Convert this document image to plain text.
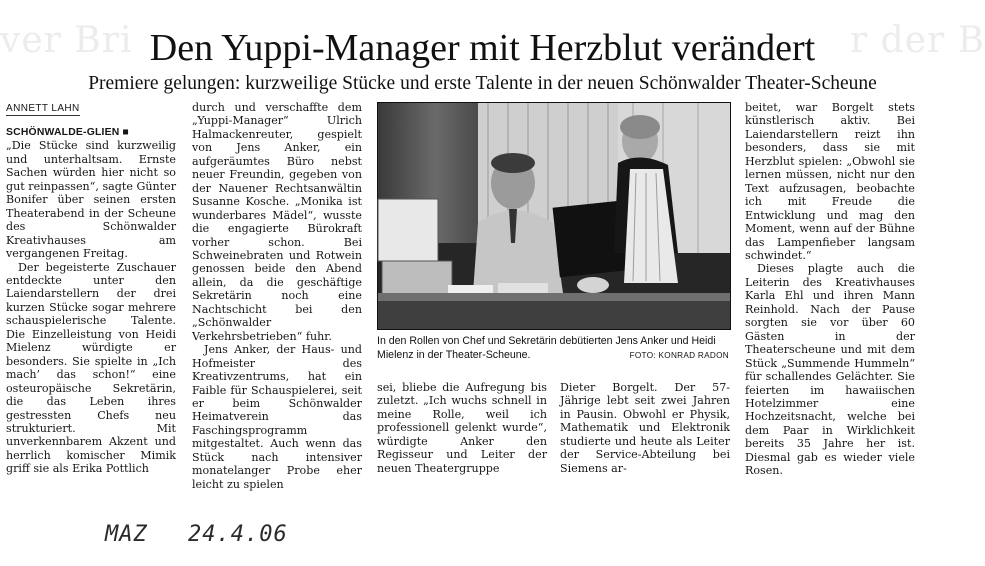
ver Bri	r der B
Den Yuppi-Manager mit Herzblut verändert
Premiere gelungen: kurzweilige Stücke und erste Talente in der neuen Schönwalder Theater-Scheune
ANNETT LAHN

SCHÖNWALDE-GLIEN ■
„Die Stücke sind kurzweilig und unterhaltsam. Ernste Sachen würden hier nicht so gut reinpassen“, sagte Günter Bonifer über seinen ersten Theaterabend in der Scheune des Schönwalder Kreativhauses am vergangenen Freitag.

Der begeisterte Zuschauer entdeckte unter den Laiendarstellern der drei kurzen Stücke sogar mehrere schauspielerische Talente. Die Einzelleistung von Heidi Mielenz würdigte er besonders. Sie spielte in „Ich mach’ das schon!“ eine osteuropäische Sekretärin, die das Leben ihres gestressten Chefs neu strukturiert. Mit unverkennbarem Akzent und herrlich komischer Mimik griff sie als Erika Pottlich

durch und verschaffte dem „Yuppi-Manager“ Ulrich Halmackenreuter, gespielt von Jens Anker, ein aufgeräumtes Büro nebst neuer Freundin, gegeben von der Nauener Rechtsanwältin Susanne Kosche. „Monika ist wunderbares Mädel“, wusste die engagierte Bürokraft vorher schon. Bei Schweinebraten und Rotwein genossen beide den Abend allein, da die geschäftige Sekretärin noch eine Nachtschicht bei den „Schönwalder Verkehrsbetrieben“ fuhr.

Jens Anker, der Haus- und Hofmeister des Kreativzentrums, hat ein Faible für Schauspielerei, seit er beim Schönwalder Heimatverein das Faschingsprogramm mitgestaltet. Auch wenn das Stück nach intensiver monatelanger Probe eher leicht zu spielen

In den Rollen von Chef und Sekretärin debütierten Jens Anker und Heidi Mielenz in der Theater-Scheune.	FOTO: KONRAD RADON

sei, bliebe die Aufregung bis zuletzt. „Ich wuchs schnell in meine Rolle, weil ich professionell gelenkt wurde“, würdigte Anker den Regisseur und Leiter der neuen Theatergruppe

Dieter Borgelt. Der 57-Jährige lebt seit zwei Jahren in Pausin. Obwohl er Physik, Mathematik und Elektronik studierte und heute als Leiter der Service-Abteilung bei Siemens ar-

beitet, war Borgelt stets künstlerisch aktiv. Bei Laiendarstellern reizt ihn besonders, dass sie mit Herzblut spielen: „Obwohl sie lernen müssen, nicht nur den Text aufzusagen, beobachte ich mit Freude die Entwicklung und mag den Moment, wenn auf der Bühne das Lampenfieber langsam schwindet.“

Dieses plagte auch die Leiterin des Kreativhauses Karla Ehl und ihren Mann Reinhold. Nach der Pause sorgten sie vor über 60 Gästen in der Theaterscheune und mit dem Stück „Summende Hummeln“ für schallendes Gelächter. Sie feierten im hawaiischen Hotelzimmer eine Hochzeitsnacht, welche bei dem Paar in Wirklichkeit bereits 35 Jahre her ist. Diesmal gab es wieder viele Rosen.

MAZ 24.4.06
